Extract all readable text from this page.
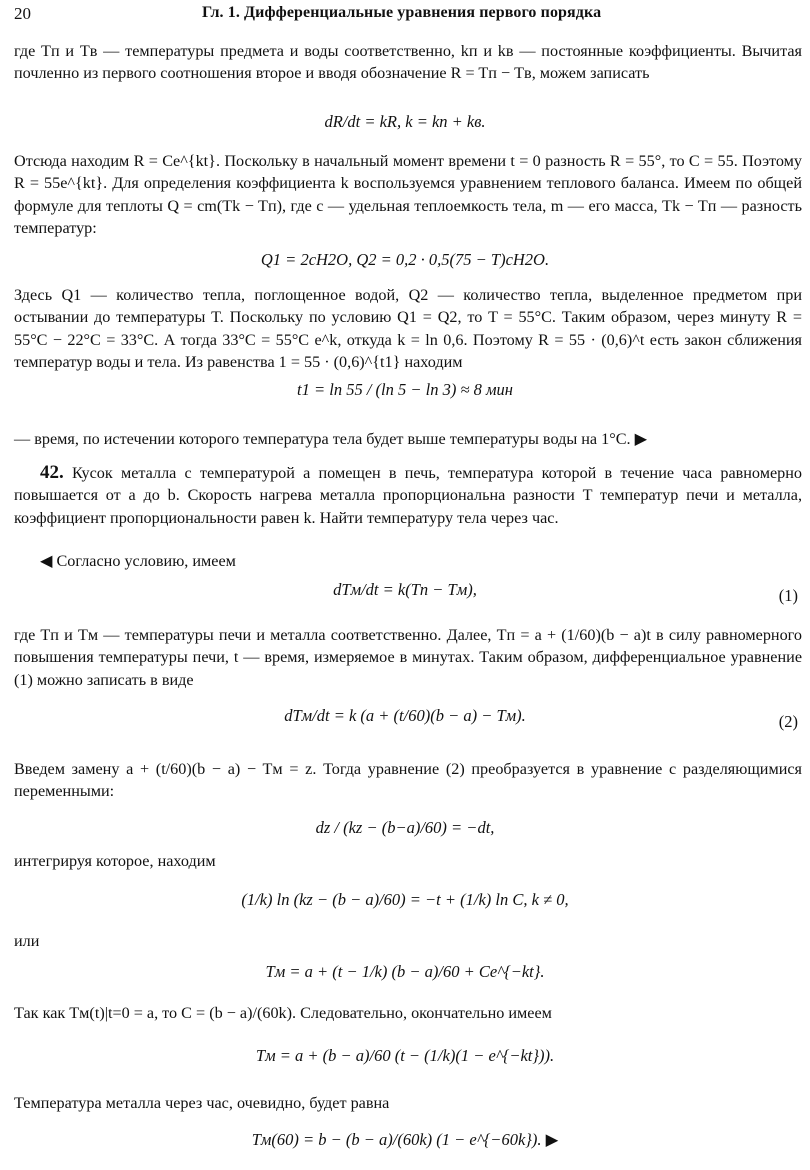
20	Гл. 1. Дифференциальные уравнения первого порядка

где Tп и Tв — температуры предмета и воды соответственно, kп и kв — постоянные коэффициенты. Вычитая почленно из первого соотношения второе и вводя обозначение R = Tп − Tв, можем записать

dR/dt = kR, k = kп + kв.

Отсюда находим R = Ce^{kt}. Поскольку в начальный момент времени t = 0 разность R = 55°, то C = 55. Поэтому R = 55e^{kt}. Для определения коэффициента k воспользуемся уравнением теплового баланса. Имеем по общей формуле для теплоты Q = cm(Tk − Tп), где c — удельная теплоемкость тела, m — его масса, Tk − Tп — разность температур:

Q1 = 2cH2O, Q2 = 0,2 · 0,5(75 − T)cH2O.

Здесь Q1 — количество тепла, поглощенное водой, Q2 — количество тепла, выделенное предметом при остывании до температуры T. Поскольку по условию Q1 = Q2, то T = 55°C. Таким образом, через минуту R = 55°C − 22°C = 33°C. А тогда 33°C = 55°C e^k, откуда k = ln 0,6. Поэтому R = 55 · (0,6)^t есть закон сближения температур воды и тела. Из равенства 1 = 55 · (0,6)^{t1} находим

t1 = ln 55 / (ln 5 − ln 3) ≈ 8 мин

— время, по истечении которого температура тела будет выше температуры воды на 1°C. ▶

42. Кусок металла с температурой a помещен в печь, температура которой в течение часа равномерно повышается от a до b. Скорость нагрева металла пропорциональна разности T температур печи и металла, коэффициент пропорциональности равен k. Найти температуру тела через час.

◀ Согласно условию, имеем

dTм/dt = k(Tп − Tм),	(1)

где Tп и Tм — температуры печи и металла соответственно. Далее, Tп = a + (1/60)(b − a)t в силу равномерного повышения температуры печи, t — время, измеряемое в минутах. Таким образом, дифференциальное уравнение (1) можно записать в виде

dTм/dt = k (a + (t/60)(b − a) − Tм).	(2)

Введем замену a + (t/60)(b − a) − Tм = z. Тогда уравнение (2) преобразуется в уравнение с разделяющимися переменными:

dz / (kz − (b−a)/60) = −dt,

интегрируя которое, находим

(1/k) ln (kz − (b − a)/60) = −t + (1/k) ln C, k ≠ 0,

или

Tм = a + (t − 1/k) (b − a)/60 + Ce^{−kt}.

Так как Tм(t)|t=0 = a, то C = (b − a)/(60k). Следовательно, окончательно имеем

Tм = a + (b − a)/60 (t − (1/k)(1 − e^{−kt})).

Температура металла через час, очевидно, будет равна

Tм(60) = b − (b − a)/(60k) (1 − e^{−60k}). ▶
